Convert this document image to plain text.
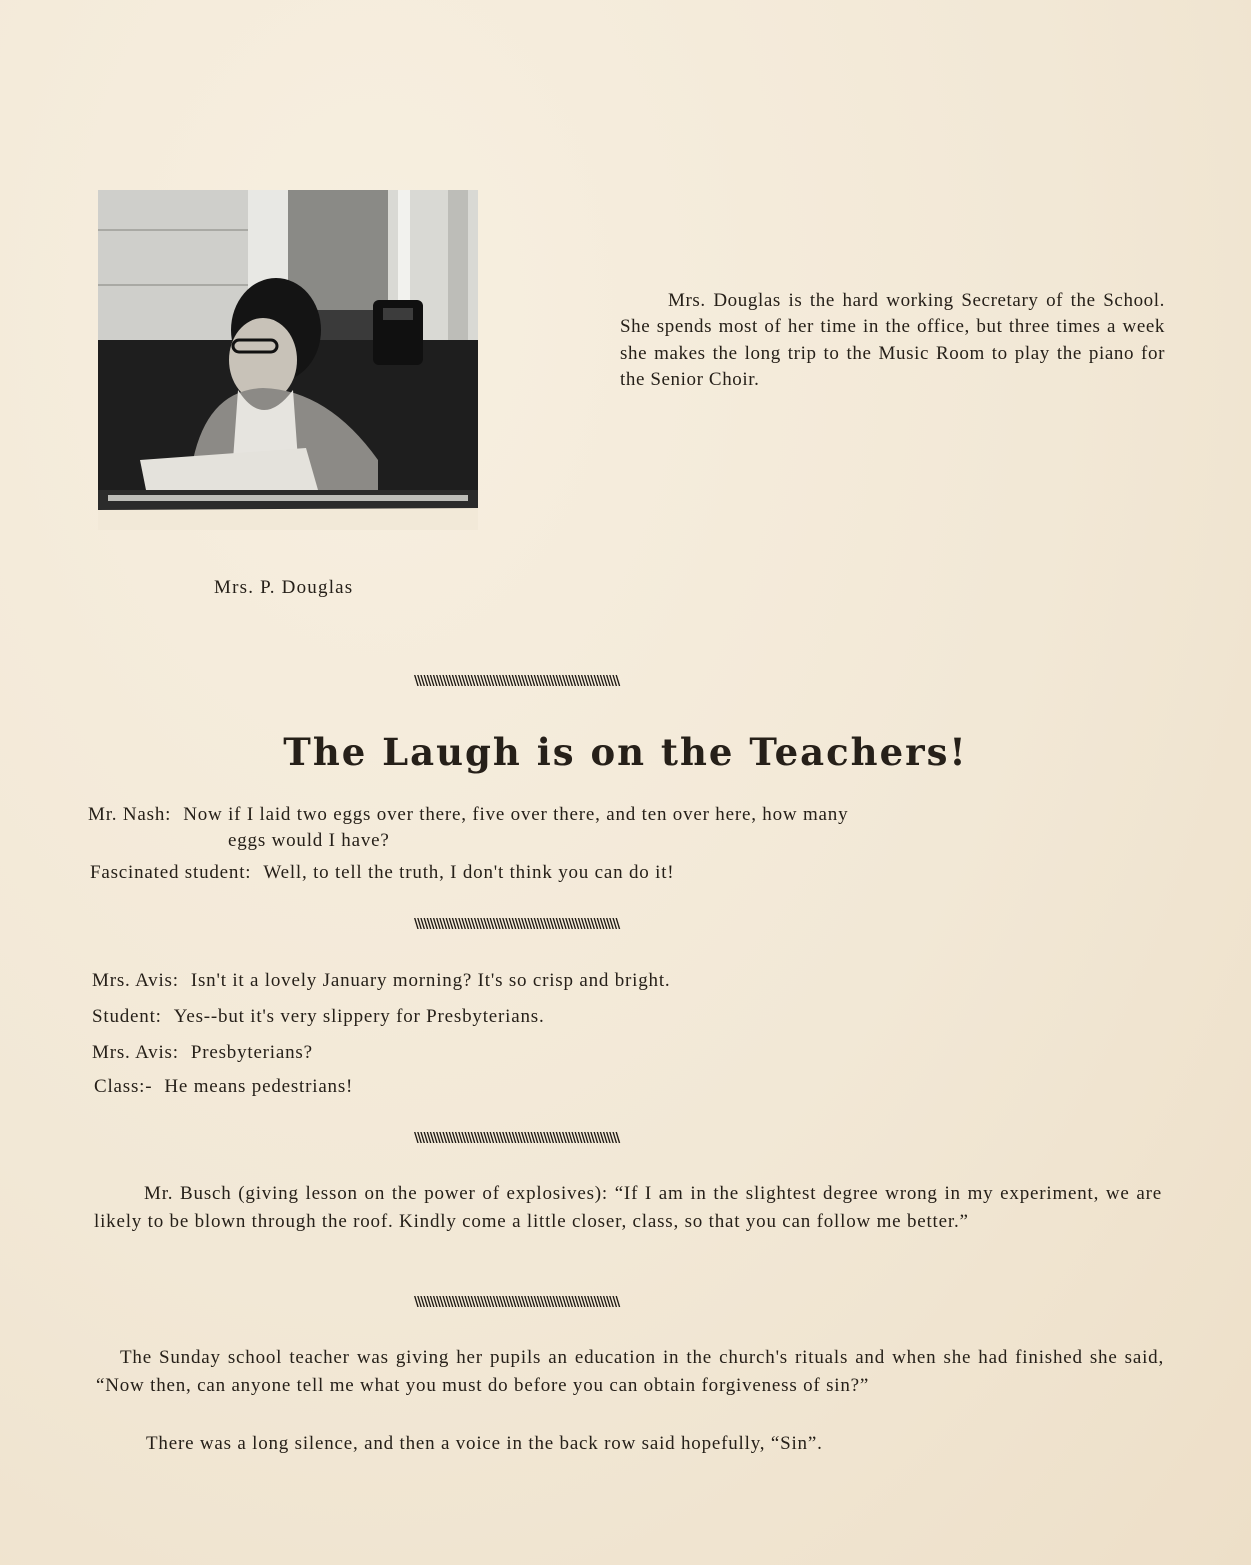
Mrs. P. Douglas
Mrs. Douglas is the hard working Secretary of the School. She spends most of her time in the office, but three times a week she makes the long trip to the Music Room to play the piano for the Senior Choir.
\\\\\\\\\\\\\\\\\\\\\\\\\\\\\\\\\\\\\\\\\\\\\\\\\\\\\\\\\\\\\\\\\
The Laugh is on the Teachers!
Mr. Nash: Now if I laid two eggs over there, five over there, and ten over here, how many
eggs would I have?
Fascinated student: Well, to tell the truth, I don't think you can do it!
\\\\\\\\\\\\\\\\\\\\\\\\\\\\\\\\\\\\\\\\\\\\\\\\\\\\\\\\\\\\\\\\\
Mrs. Avis: Isn't it a lovely January morning? It's so crisp and bright.
Student: Yes--but it's very slippery for Presbyterians.
Mrs. Avis: Presbyterians?
Class:- He means pedestrians!
\\\\\\\\\\\\\\\\\\\\\\\\\\\\\\\\\\\\\\\\\\\\\\\\\\\\\\\\\\\\\\\\\
Mr. Busch (giving lesson on the power of explosives): “If I am in the slightest degree wrong in my experiment, we are likely to be blown through the roof. Kindly come a little closer, class, so that you can follow me better.”
\\\\\\\\\\\\\\\\\\\\\\\\\\\\\\\\\\\\\\\\\\\\\\\\\\\\\\\\\\\\\\\\\
The Sunday school teacher was giving her pupils an education in the church's rituals and when she had finished she said, “Now then, can anyone tell me what you must do before you can obtain forgiveness of sin?”
There was a long silence, and then a voice in the back row said hopefully, “Sin”.
